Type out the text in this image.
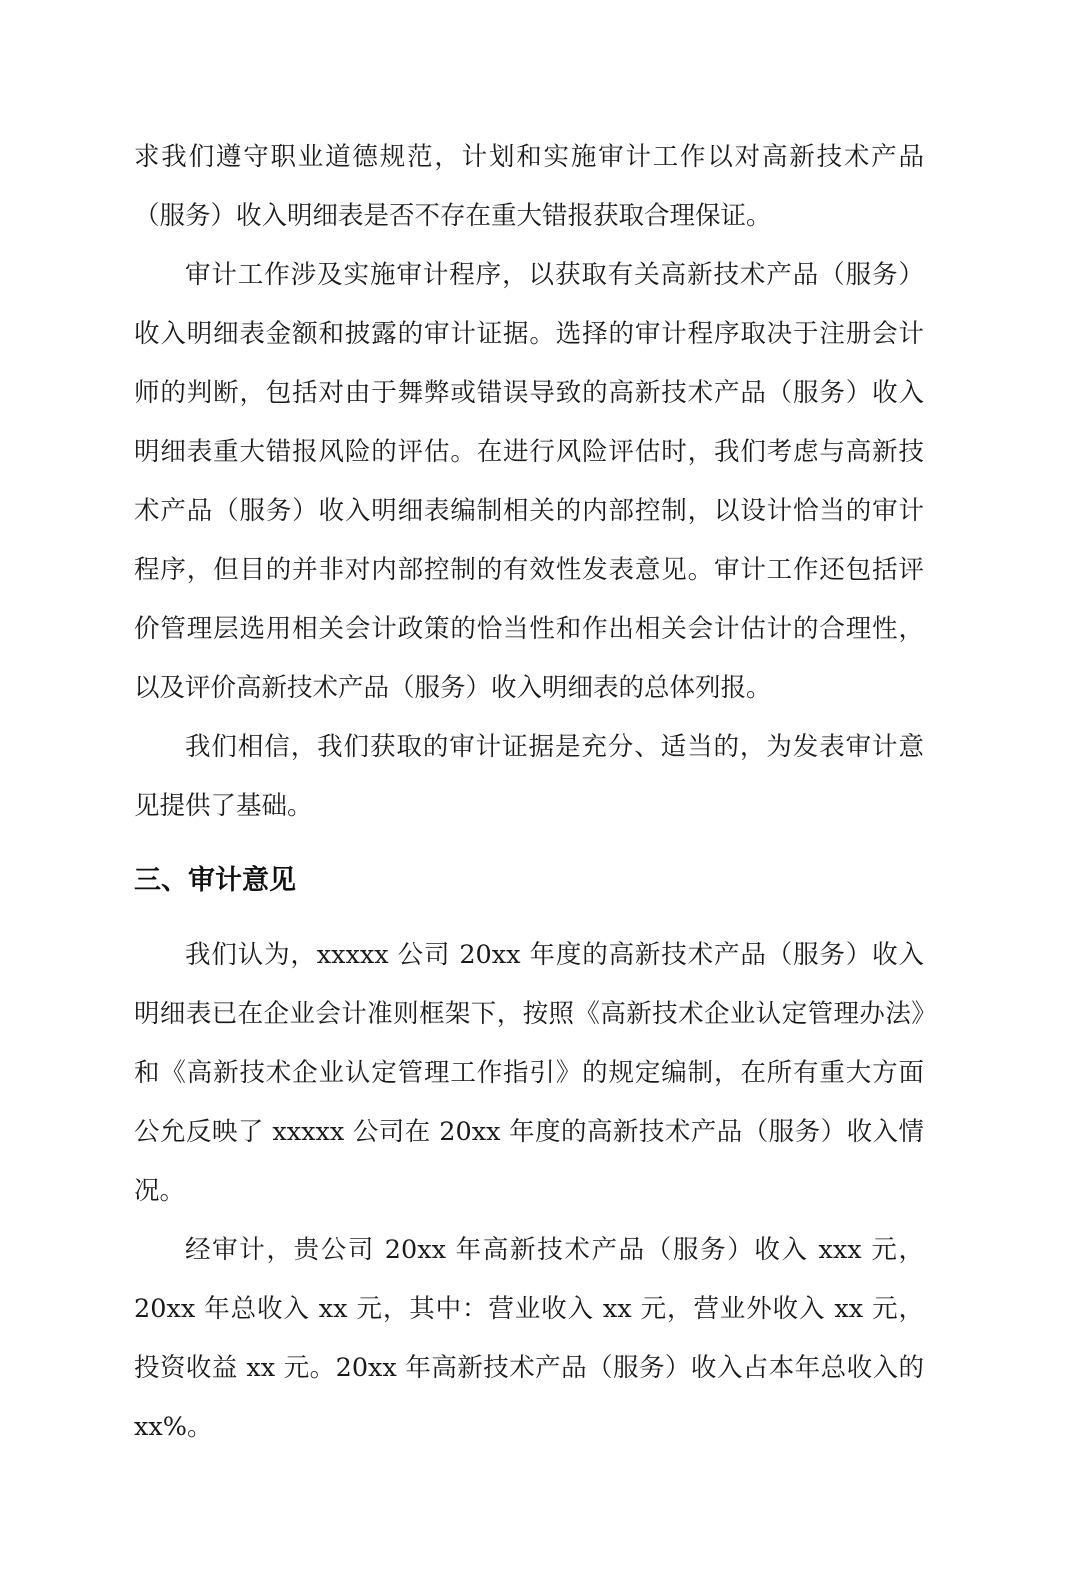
求我们遵守职业道德规范，计划和实施审计工作以对高新技术产品（服务）收入明细表是否不存在重大错报获取合理保证。

审计工作涉及实施审计程序，以获取有关高新技术产品（服务）收入明细表金额和披露的审计证据。选择的审计程序取决于注册会计师的判断，包括对由于舞弊或错误导致的高新技术产品（服务）收入明细表重大错报风险的评估。在进行风险评估时，我们考虑与高新技术产品（服务）收入明细表编制相关的内部控制，以设计恰当的审计程序，但目的并非对内部控制的有效性发表意见。审计工作还包括评价管理层选用相关会计政策的恰当性和作出相关会计估计的合理性，以及评价高新技术产品（服务）收入明细表的总体列报。

我们相信，我们获取的审计证据是充分、适当的，为发表审计意见提供了基础。

三、审计意见

我们认为，xxxxx 公司 20xx 年度的高新技术产品（服务）收入明细表已在企业会计准则框架下，按照《高新技术企业认定管理办法》和《高新技术企业认定管理工作指引》的规定编制，在所有重大方面公允反映了 xxxxx 公司在 20xx 年度的高新技术产品（服务）收入情况。

经审计，贵公司 20xx 年高新技术产品（服务）收入 xxx 元，20xx 年总收入 xx 元，其中：营业收入 xx 元，营业外收入 xx 元，投资收益 xx 元。20xx 年高新技术产品（服务）收入占本年总收入的 xx%。
